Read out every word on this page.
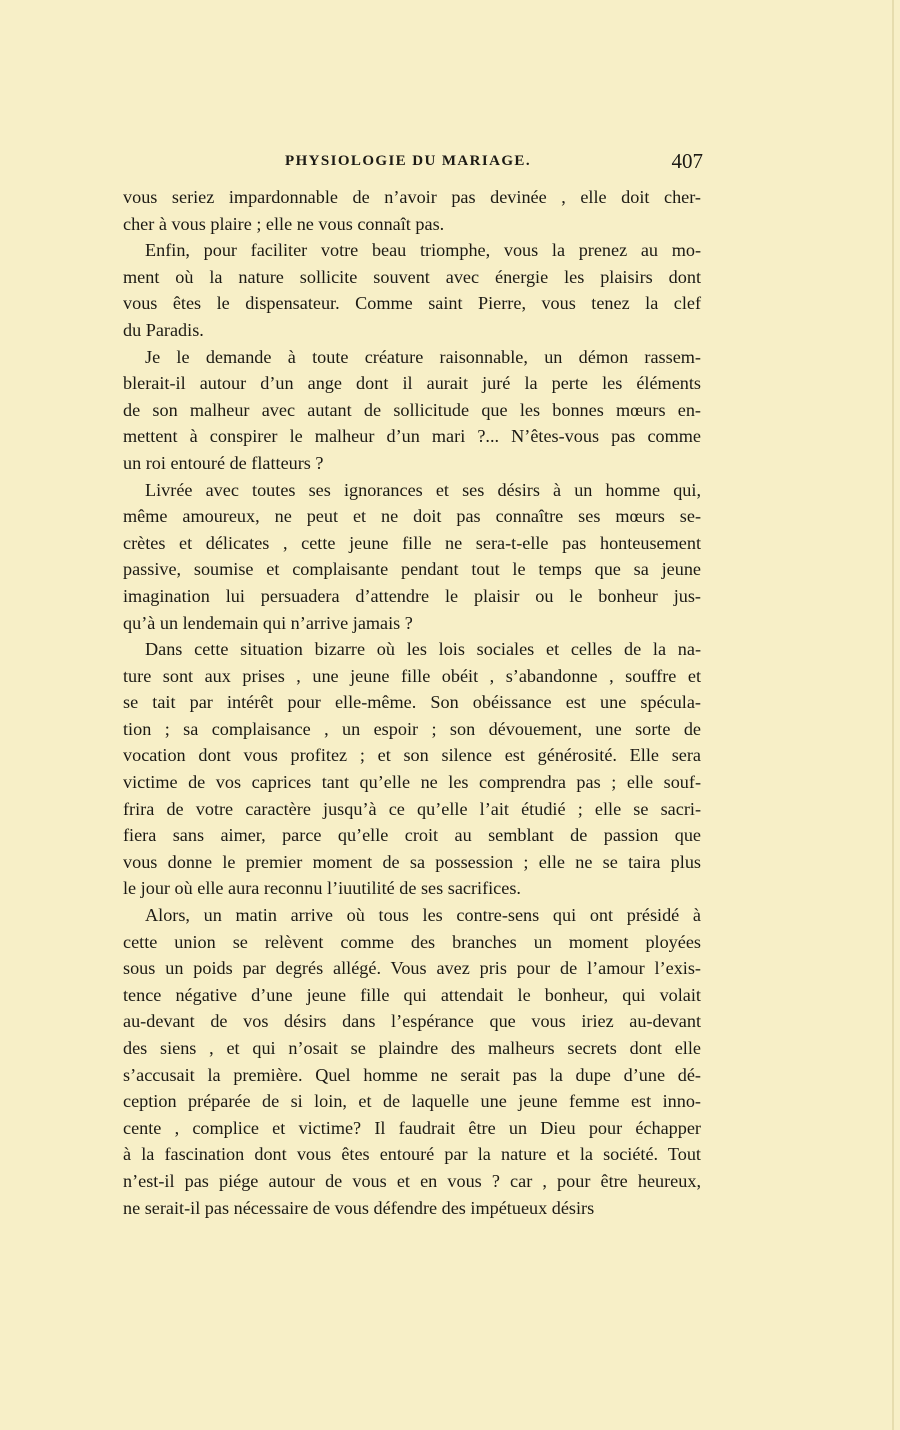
PHYSIOLOGIE DU MARIAGE.	407
vous seriez impardonnable de n’avoir pas devinée , elle doit cher-
cher à vous plaire ; elle ne vous connaît pas.
Enfin, pour faciliter votre beau triomphe, vous la prenez au mo-
ment où la nature sollicite souvent avec énergie les plaisirs dont
vous êtes le dispensateur. Comme saint Pierre, vous tenez la clef
du Paradis.
Je le demande à toute créature raisonnable, un démon rassem-
blerait-il autour d’un ange dont il aurait juré la perte les éléments
de son malheur avec autant de sollicitude que les bonnes mœurs en-
mettent à conspirer le malheur d’un mari ?... N’êtes-vous pas comme
un roi entouré de flatteurs ?
Livrée avec toutes ses ignorances et ses désirs à un homme qui,
même amoureux, ne peut et ne doit pas connaître ses mœurs se-
crètes et délicates , cette jeune fille ne sera-t-elle pas honteusement
passive, soumise et complaisante pendant tout le temps que sa jeune
imagination lui persuadera d’attendre le plaisir ou le bonheur jus-
qu’à un lendemain qui n’arrive jamais ?
Dans cette situation bizarre où les lois sociales et celles de la na-
ture sont aux prises , une jeune fille obéit , s’abandonne , souffre et
se tait par intérêt pour elle-même. Son obéissance est une spécula-
tion ; sa complaisance , un espoir ; son dévouement, une sorte de
vocation dont vous profitez ; et son silence est générosité. Elle sera
victime de vos caprices tant qu’elle ne les comprendra pas ; elle souf-
frira de votre caractère jusqu’à ce qu’elle l’ait étudié ; elle se sacri-
fiera sans aimer, parce qu’elle croit au semblant de passion que
vous donne le premier moment de sa possession ; elle ne se taira plus
le jour où elle aura reconnu l’iuutilité de ses sacrifices.
Alors, un matin arrive où tous les contre-sens qui ont présidé à
cette union se relèvent comme des branches un moment ployées
sous un poids par degrés allégé. Vous avez pris pour de l’amour l’exis-
tence négative d’une jeune fille qui attendait le bonheur, qui volait
au-devant de vos désirs dans l’espérance que vous iriez au-devant
des siens , et qui n’osait se plaindre des malheurs secrets dont elle
s’accusait la première. Quel homme ne serait pas la dupe d’une dé-
ception préparée de si loin, et de laquelle une jeune femme est inno-
cente , complice et victime? Il faudrait être un Dieu pour échapper
à la fascination dont vous êtes entouré par la nature et la société. Tout
n’est-il pas piége autour de vous et en vous ? car , pour être heureux,
ne serait-il pas nécessaire de vous défendre des impétueux désirs
